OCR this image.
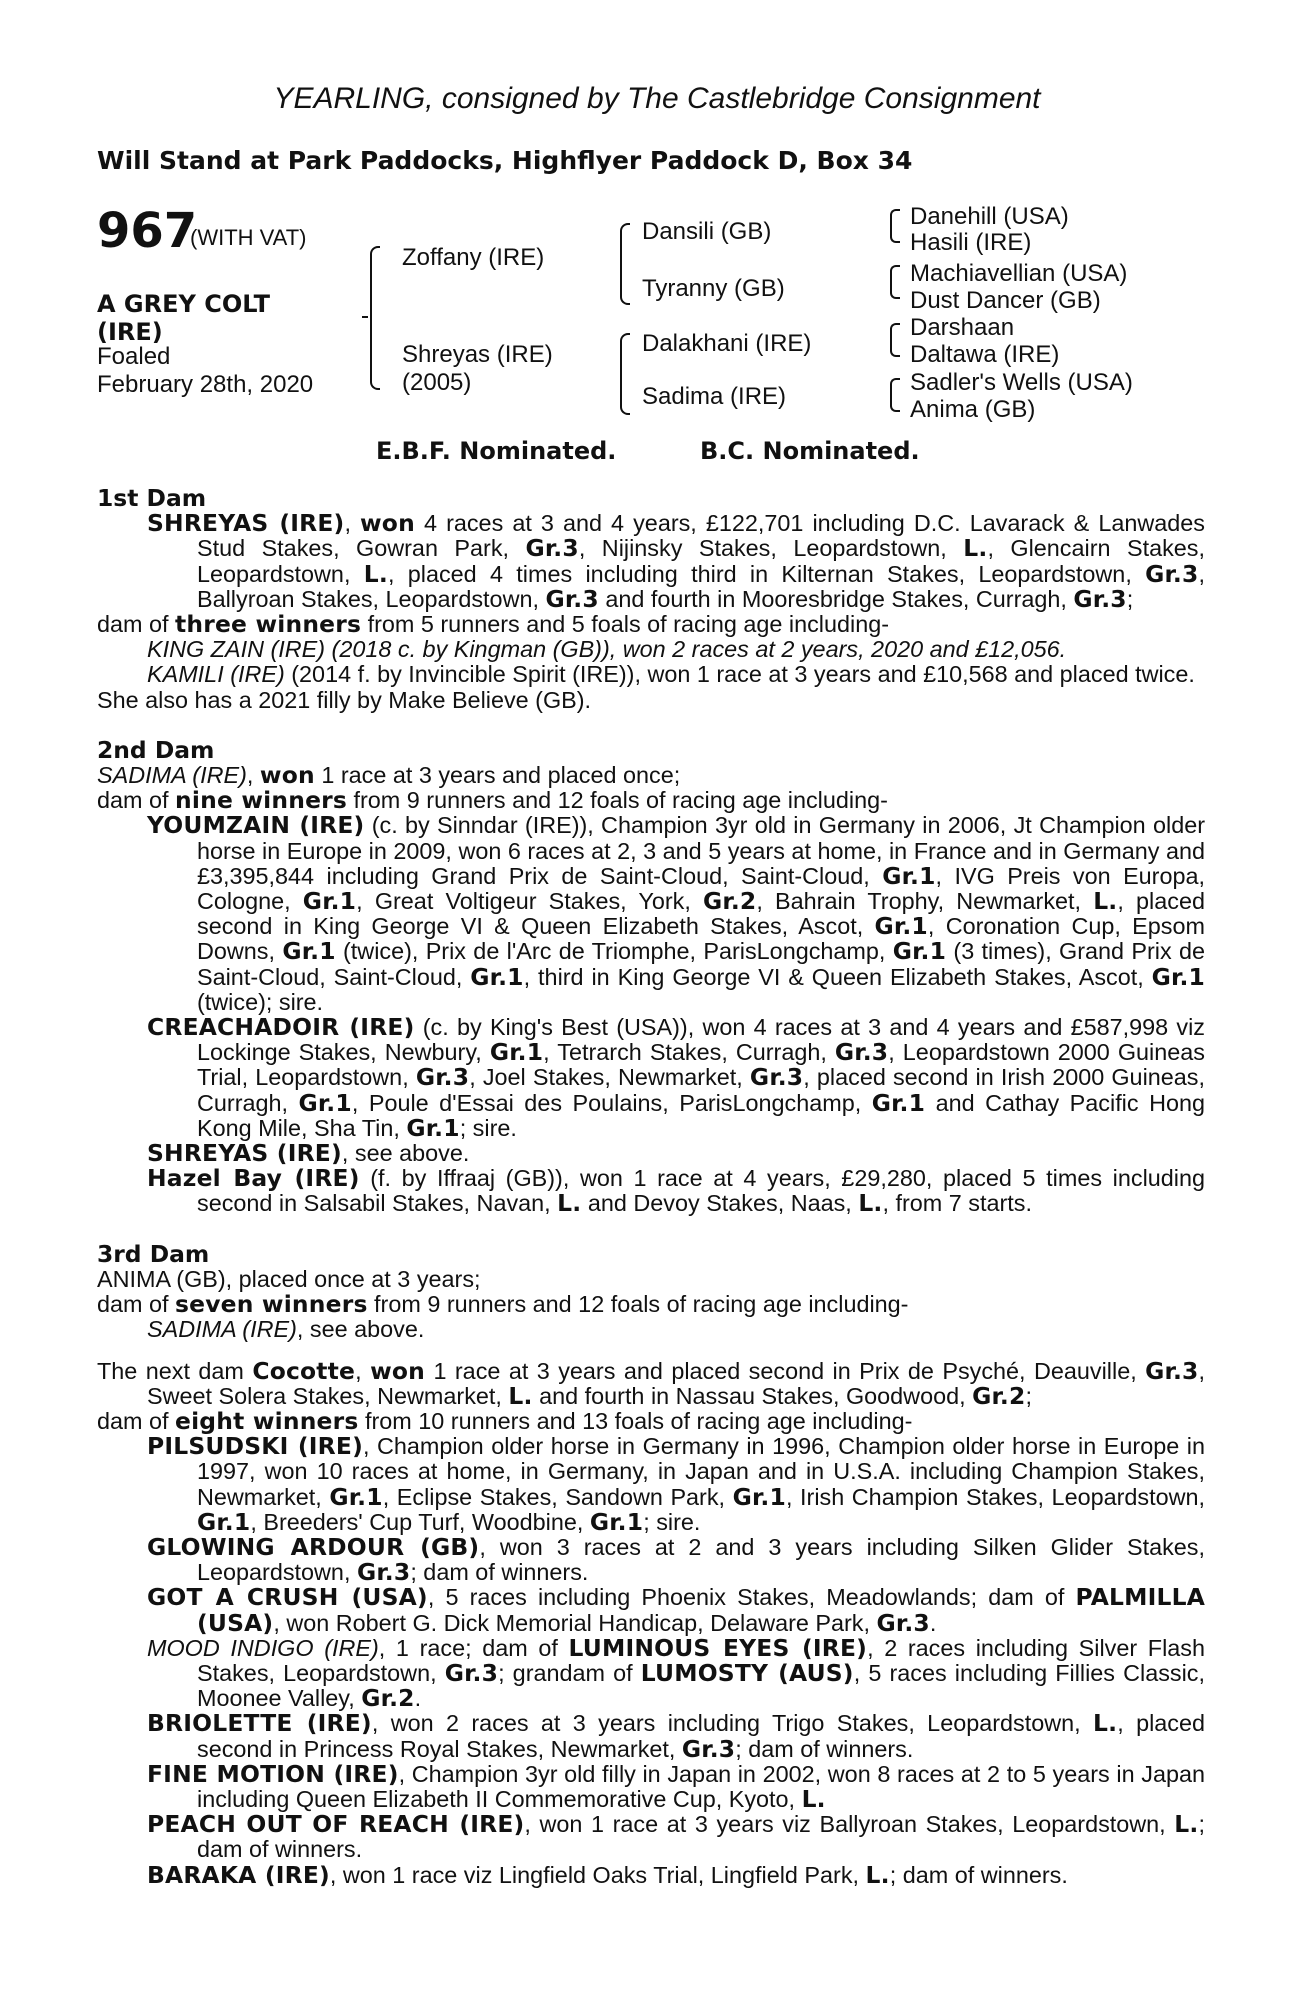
YEARLING, consigned by The Castlebridge Consignment
Will Stand at Park Paddocks, Highflyer Paddock D, Box 34
967
(WITH VAT)
A GREY COLT
(IRE)
Foaled
February 28th, 2020
Zoffany (IRE)
Shreyas (IRE)
(2005)
Dansili (GB)
Tyranny (GB)
Dalakhani (IRE)
Sadima (IRE)
Danehill (USA)
Hasili (IRE)
Machiavellian (USA)
Dust Dancer (GB)
Darshaan
Daltawa (IRE)
Sadler's Wells (USA)
Anima (GB)
E.B.F. Nominated.	B.C. Nominated.
1st Dam

SHREYAS (IRE), won 4 races at 3 and 4 years, £122,701 including D.C. Lavarack & Lanwades Stud Stakes, Gowran Park, Gr.3, Nijinsky Stakes, Leopardstown, L., Glencairn Stakes, Leopardstown, L., placed 4 times including third in Kilternan Stakes, Leopardstown, Gr.3, Ballyroan Stakes, Leopardstown, Gr.3 and fourth in Mooresbridge Stakes, Curragh, Gr.3;

dam of three winners from 5 runners and 5 foals of racing age including-

KING ZAIN (IRE) (2018 c. by Kingman (GB)), won 2 races at 2 years, 2020 and £12,056.

KAMILI (IRE) (2014 f. by Invincible Spirit (IRE)), won 1 race at 3 years and £10,568 and placed twice.

She also has a 2021 filly by Make Believe (GB).

2nd Dam

SADIMA (IRE), won 1 race at 3 years and placed once;

dam of nine winners from 9 runners and 12 foals of racing age including-

YOUMZAIN (IRE) (c. by Sinndar (IRE)), Champion 3yr old in Germany in 2006, Jt Champion older horse in Europe in 2009, won 6 races at 2, 3 and 5 years at home, in France and in Germany and £3,395,844 including Grand Prix de Saint-Cloud, Saint-Cloud, Gr.1, IVG Preis von Europa, Cologne, Gr.1, Great Voltigeur Stakes, York, Gr.2, Bahrain Trophy, Newmarket, L., placed second in King George VI & Queen Elizabeth Stakes, Ascot, Gr.1, Coronation Cup, Epsom Downs, Gr.1 (twice), Prix de l'Arc de Triomphe, ParisLongchamp, Gr.1 (3 times), Grand Prix de Saint-Cloud, Saint-Cloud, Gr.1, third in King George VI & Queen Elizabeth Stakes, Ascot, Gr.1 (twice); sire.

CREACHADOIR (IRE) (c. by King's Best (USA)), won 4 races at 3 and 4 years and £587,998 viz Lockinge Stakes, Newbury, Gr.1, Tetrarch Stakes, Curragh, Gr.3, Leopardstown 2000 Guineas Trial, Leopardstown, Gr.3, Joel Stakes, Newmarket, Gr.3, placed second in Irish 2000 Guineas, Curragh, Gr.1, Poule d'Essai des Poulains, ParisLongchamp, Gr.1 and Cathay Pacific Hong Kong Mile, Sha Tin, Gr.1; sire.

SHREYAS (IRE), see above.

Hazel Bay (IRE) (f. by Iffraaj (GB)), won 1 race at 4 years, £29,280, placed 5 times including second in Salsabil Stakes, Navan, L. and Devoy Stakes, Naas, L., from 7 starts.

3rd Dam

ANIMA (GB), placed once at 3 years;

dam of seven winners from 9 runners and 12 foals of racing age including-

SADIMA (IRE), see above.

The next dam Cocotte, won 1 race at 3 years and placed second in Prix de Psyché, Deauville, Gr.3, Sweet Solera Stakes, Newmarket, L. and fourth in Nassau Stakes, Goodwood, Gr.2;

dam of eight winners from 10 runners and 13 foals of racing age including-

PILSUDSKI (IRE), Champion older horse in Germany in 1996, Champion older horse in Europe in 1997, won 10 races at home, in Germany, in Japan and in U.S.A. including Champion Stakes, Newmarket, Gr.1, Eclipse Stakes, Sandown Park, Gr.1, Irish Champion Stakes, Leopardstown, Gr.1, Breeders' Cup Turf, Woodbine, Gr.1; sire.

GLOWING ARDOUR (GB), won 3 races at 2 and 3 years including Silken Glider Stakes, Leopardstown, Gr.3; dam of winners.

GOT A CRUSH (USA), 5 races including Phoenix Stakes, Meadowlands; dam of PALMILLA (USA), won Robert G. Dick Memorial Handicap, Delaware Park, Gr.3.

MOOD INDIGO (IRE), 1 race; dam of LUMINOUS EYES (IRE), 2 races including Silver Flash Stakes, Leopardstown, Gr.3; grandam of LUMOSTY (AUS), 5 races including Fillies Classic, Moonee Valley, Gr.2.

BRIOLETTE (IRE), won 2 races at 3 years including Trigo Stakes, Leopardstown, L., placed second in Princess Royal Stakes, Newmarket, Gr.3; dam of winners.

FINE MOTION (IRE), Champion 3yr old filly in Japan in 2002, won 8 races at 2 to 5 years in Japan including Queen Elizabeth II Commemorative Cup, Kyoto, L.

PEACH OUT OF REACH (IRE), won 1 race at 3 years viz Ballyroan Stakes, Leopardstown, L.; dam of winners.

BARAKA (IRE), won 1 race viz Lingfield Oaks Trial, Lingfield Park, L.; dam of winners.
